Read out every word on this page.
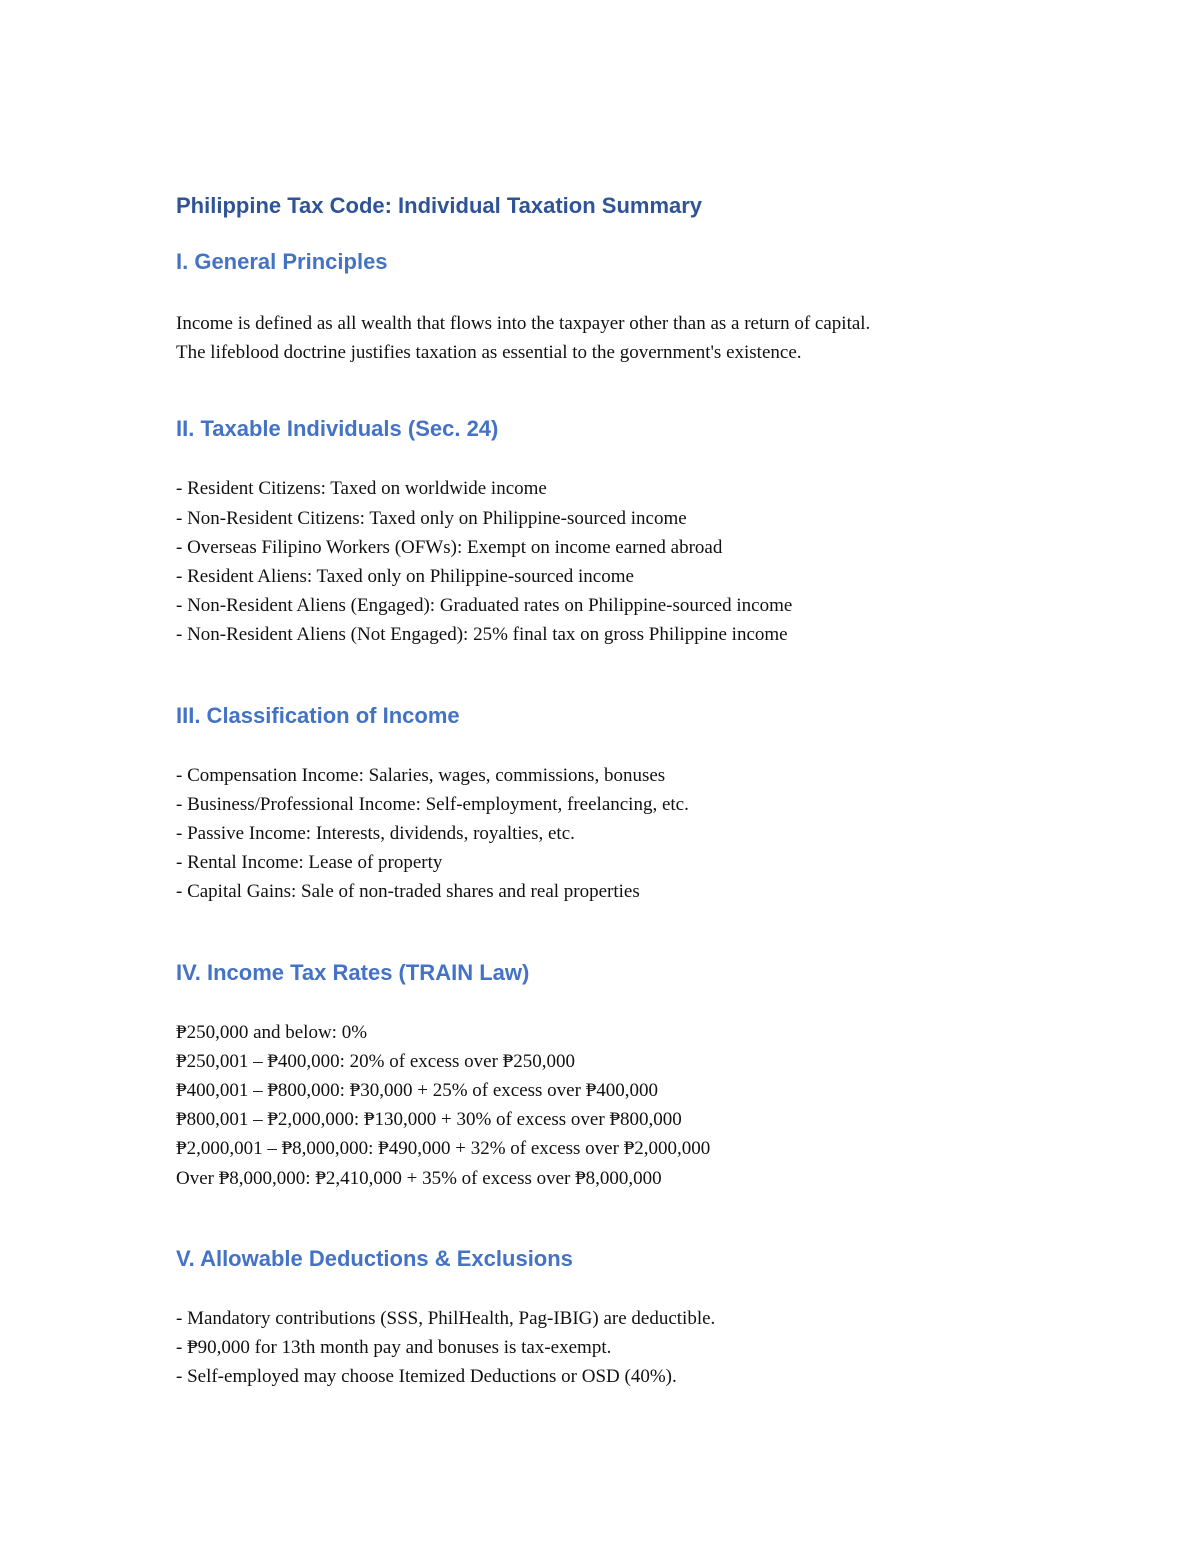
Philippine Tax Code: Individual Taxation Summary
I. General Principles

Income is defined as all wealth that flows into the taxpayer other than as a return of capital.

The lifeblood doctrine justifies taxation as essential to the government's existence.

II. Taxable Individuals (Sec. 24)

- Resident Citizens: Taxed on worldwide income

- Non-Resident Citizens: Taxed only on Philippine-sourced income

- Overseas Filipino Workers (OFWs): Exempt on income earned abroad

- Resident Aliens: Taxed only on Philippine-sourced income

- Non-Resident Aliens (Engaged): Graduated rates on Philippine-sourced income

- Non-Resident Aliens (Not Engaged): 25% final tax on gross Philippine income

III. Classification of Income

- Compensation Income: Salaries, wages, commissions, bonuses

- Business/Professional Income: Self-employment, freelancing, etc.

- Passive Income: Interests, dividends, royalties, etc.

- Rental Income: Lease of property

- Capital Gains: Sale of non-traded shares and real properties

IV. Income Tax Rates (TRAIN Law)

₱250,000 and below: 0%

₱250,001 – ₱400,000: 20% of excess over ₱250,000

₱400,001 – ₱800,000: ₱30,000 + 25% of excess over ₱400,000

₱800,001 – ₱2,000,000: ₱130,000 + 30% of excess over ₱800,000

₱2,000,001 – ₱8,000,000: ₱490,000 + 32% of excess over ₱2,000,000

Over ₱8,000,000: ₱2,410,000 + 35% of excess over ₱8,000,000

V. Allowable Deductions & Exclusions

- Mandatory contributions (SSS, PhilHealth, Pag-IBIG) are deductible.

- ₱90,000 for 13th month pay and bonuses is tax-exempt.

- Self-employed may choose Itemized Deductions or OSD (40%).
